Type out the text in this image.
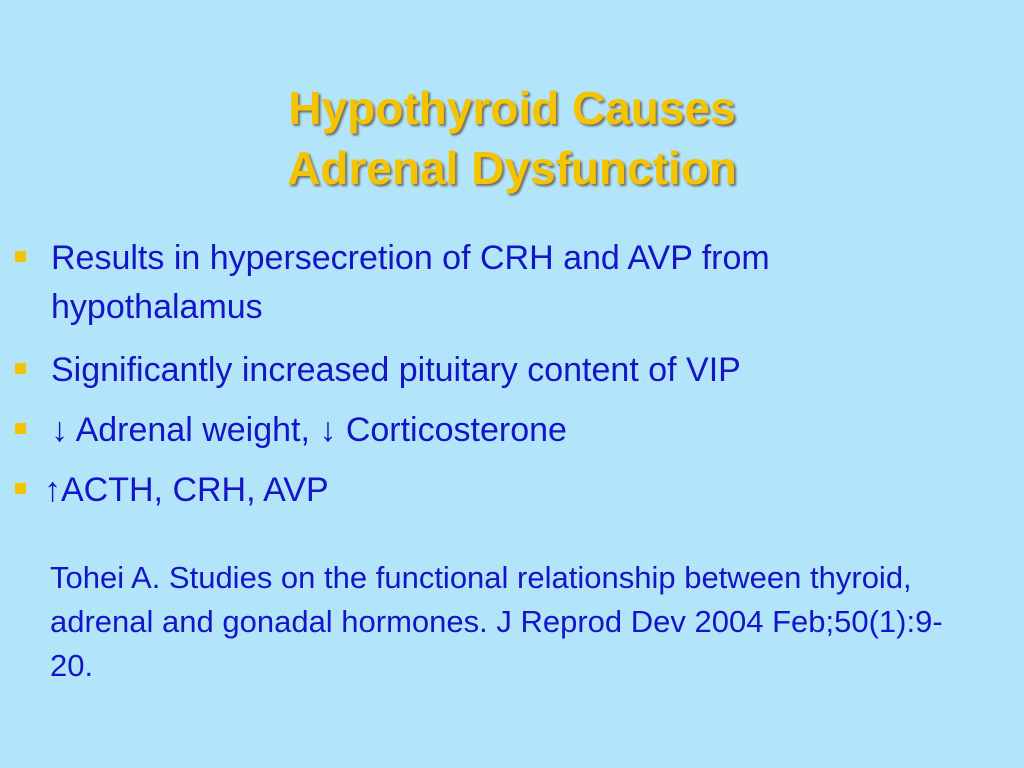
Hypothyroid Causes
Adrenal Dysfunction
Results in hypersecretion of CRH and AVP from hypothalamus
Significantly increased pituitary content of VIP
↓ Adrenal weight, ↓ Corticosterone
↑ACTH, CRH, AVP
Tohei A. Studies on the functional relationship between thyroid, adrenal and gonadal hormones. J Reprod Dev 2004 Feb;50(1):9-20.
